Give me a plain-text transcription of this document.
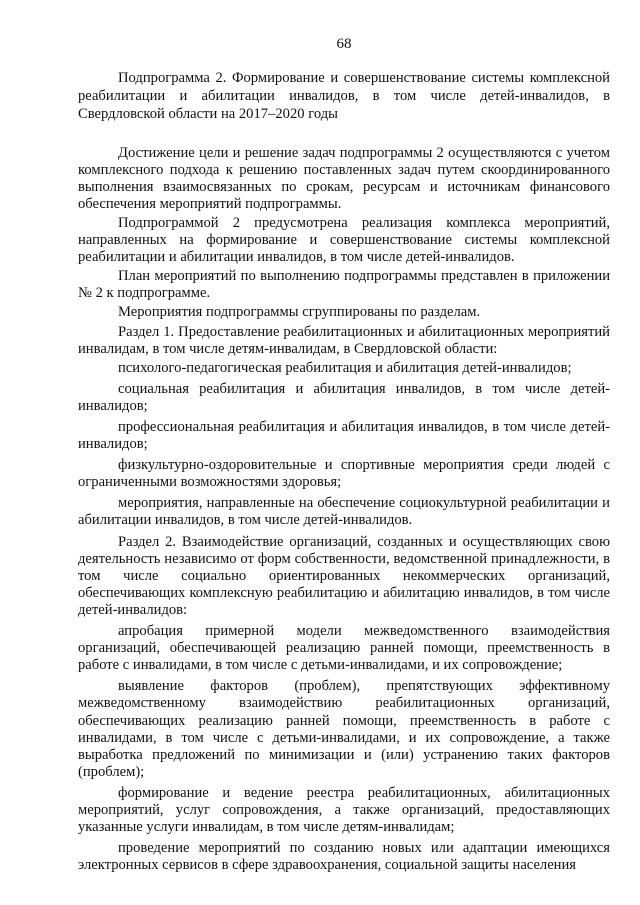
68

Подпрограмма 2. Формирование и совершенствование системы комплексной реабилитации и абилитации инвалидов, в том числе детей-инвалидов, в Свердловской области на 2017–2020 годы

Достижение цели и решение задач подпрограммы 2 осуществляются с учетом комплексного подхода к решению поставленных задач путем скоординированного выполнения взаимосвязанных по срокам, ресурсам и источникам финансового обеспечения мероприятий подпрограммы.

Подпрограммой 2 предусмотрена реализация комплекса мероприятий, направленных на формирование и совершенствование системы комплексной реабилитации и абилитации инвалидов, в том числе детей-инвалидов.

План мероприятий по выполнению подпрограммы представлен в приложении № 2 к подпрограмме.

Мероприятия подпрограммы сгруппированы по разделам.

Раздел 1. Предоставление реабилитационных и абилитационных мероприятий инвалидам, в том числе детям-инвалидам, в Свердловской области:

психолого-педагогическая реабилитация и абилитация детей-инвалидов;

социальная реабилитация и абилитация инвалидов, в том числе детей-инвалидов;

профессиональная реабилитация и абилитация инвалидов, в том числе детей-инвалидов;

физкультурно-оздоровительные и спортивные мероприятия среди людей с ограниченными возможностями здоровья;

мероприятия, направленные на обеспечение социокультурной реабилитации и абилитации инвалидов, в том числе детей-инвалидов.

Раздел 2. Взаимодействие организаций, созданных и осуществляющих свою деятельность независимо от форм собственности, ведомственной принадлежности, в том числе социально ориентированных некоммерческих организаций, обеспечивающих комплексную реабилитацию и абилитацию инвалидов, в том числе детей-инвалидов:

апробация примерной модели межведомственного взаимодействия организаций, обеспечивающей реализацию ранней помощи, преемственность в работе с инвалидами, в том числе с детьми-инвалидами, и их сопровождение;

выявление факторов (проблем), препятствующих эффективному межведомственному взаимодействию реабилитационных организаций, обеспечивающих реализацию ранней помощи, преемственность в работе с инвалидами, в том числе с детьми-инвалидами, и их сопровождение, а также выработка предложений по минимизации и (или) устранению таких факторов (проблем);

формирование и ведение реестра реабилитационных, абилитационных мероприятий, услуг сопровождения, а также организаций, предоставляющих указанные услуги инвалидам, в том числе детям-инвалидам;

проведение мероприятий по созданию новых или адаптации имеющихся электронных сервисов в сфере здравоохранения, социальной защиты населения
